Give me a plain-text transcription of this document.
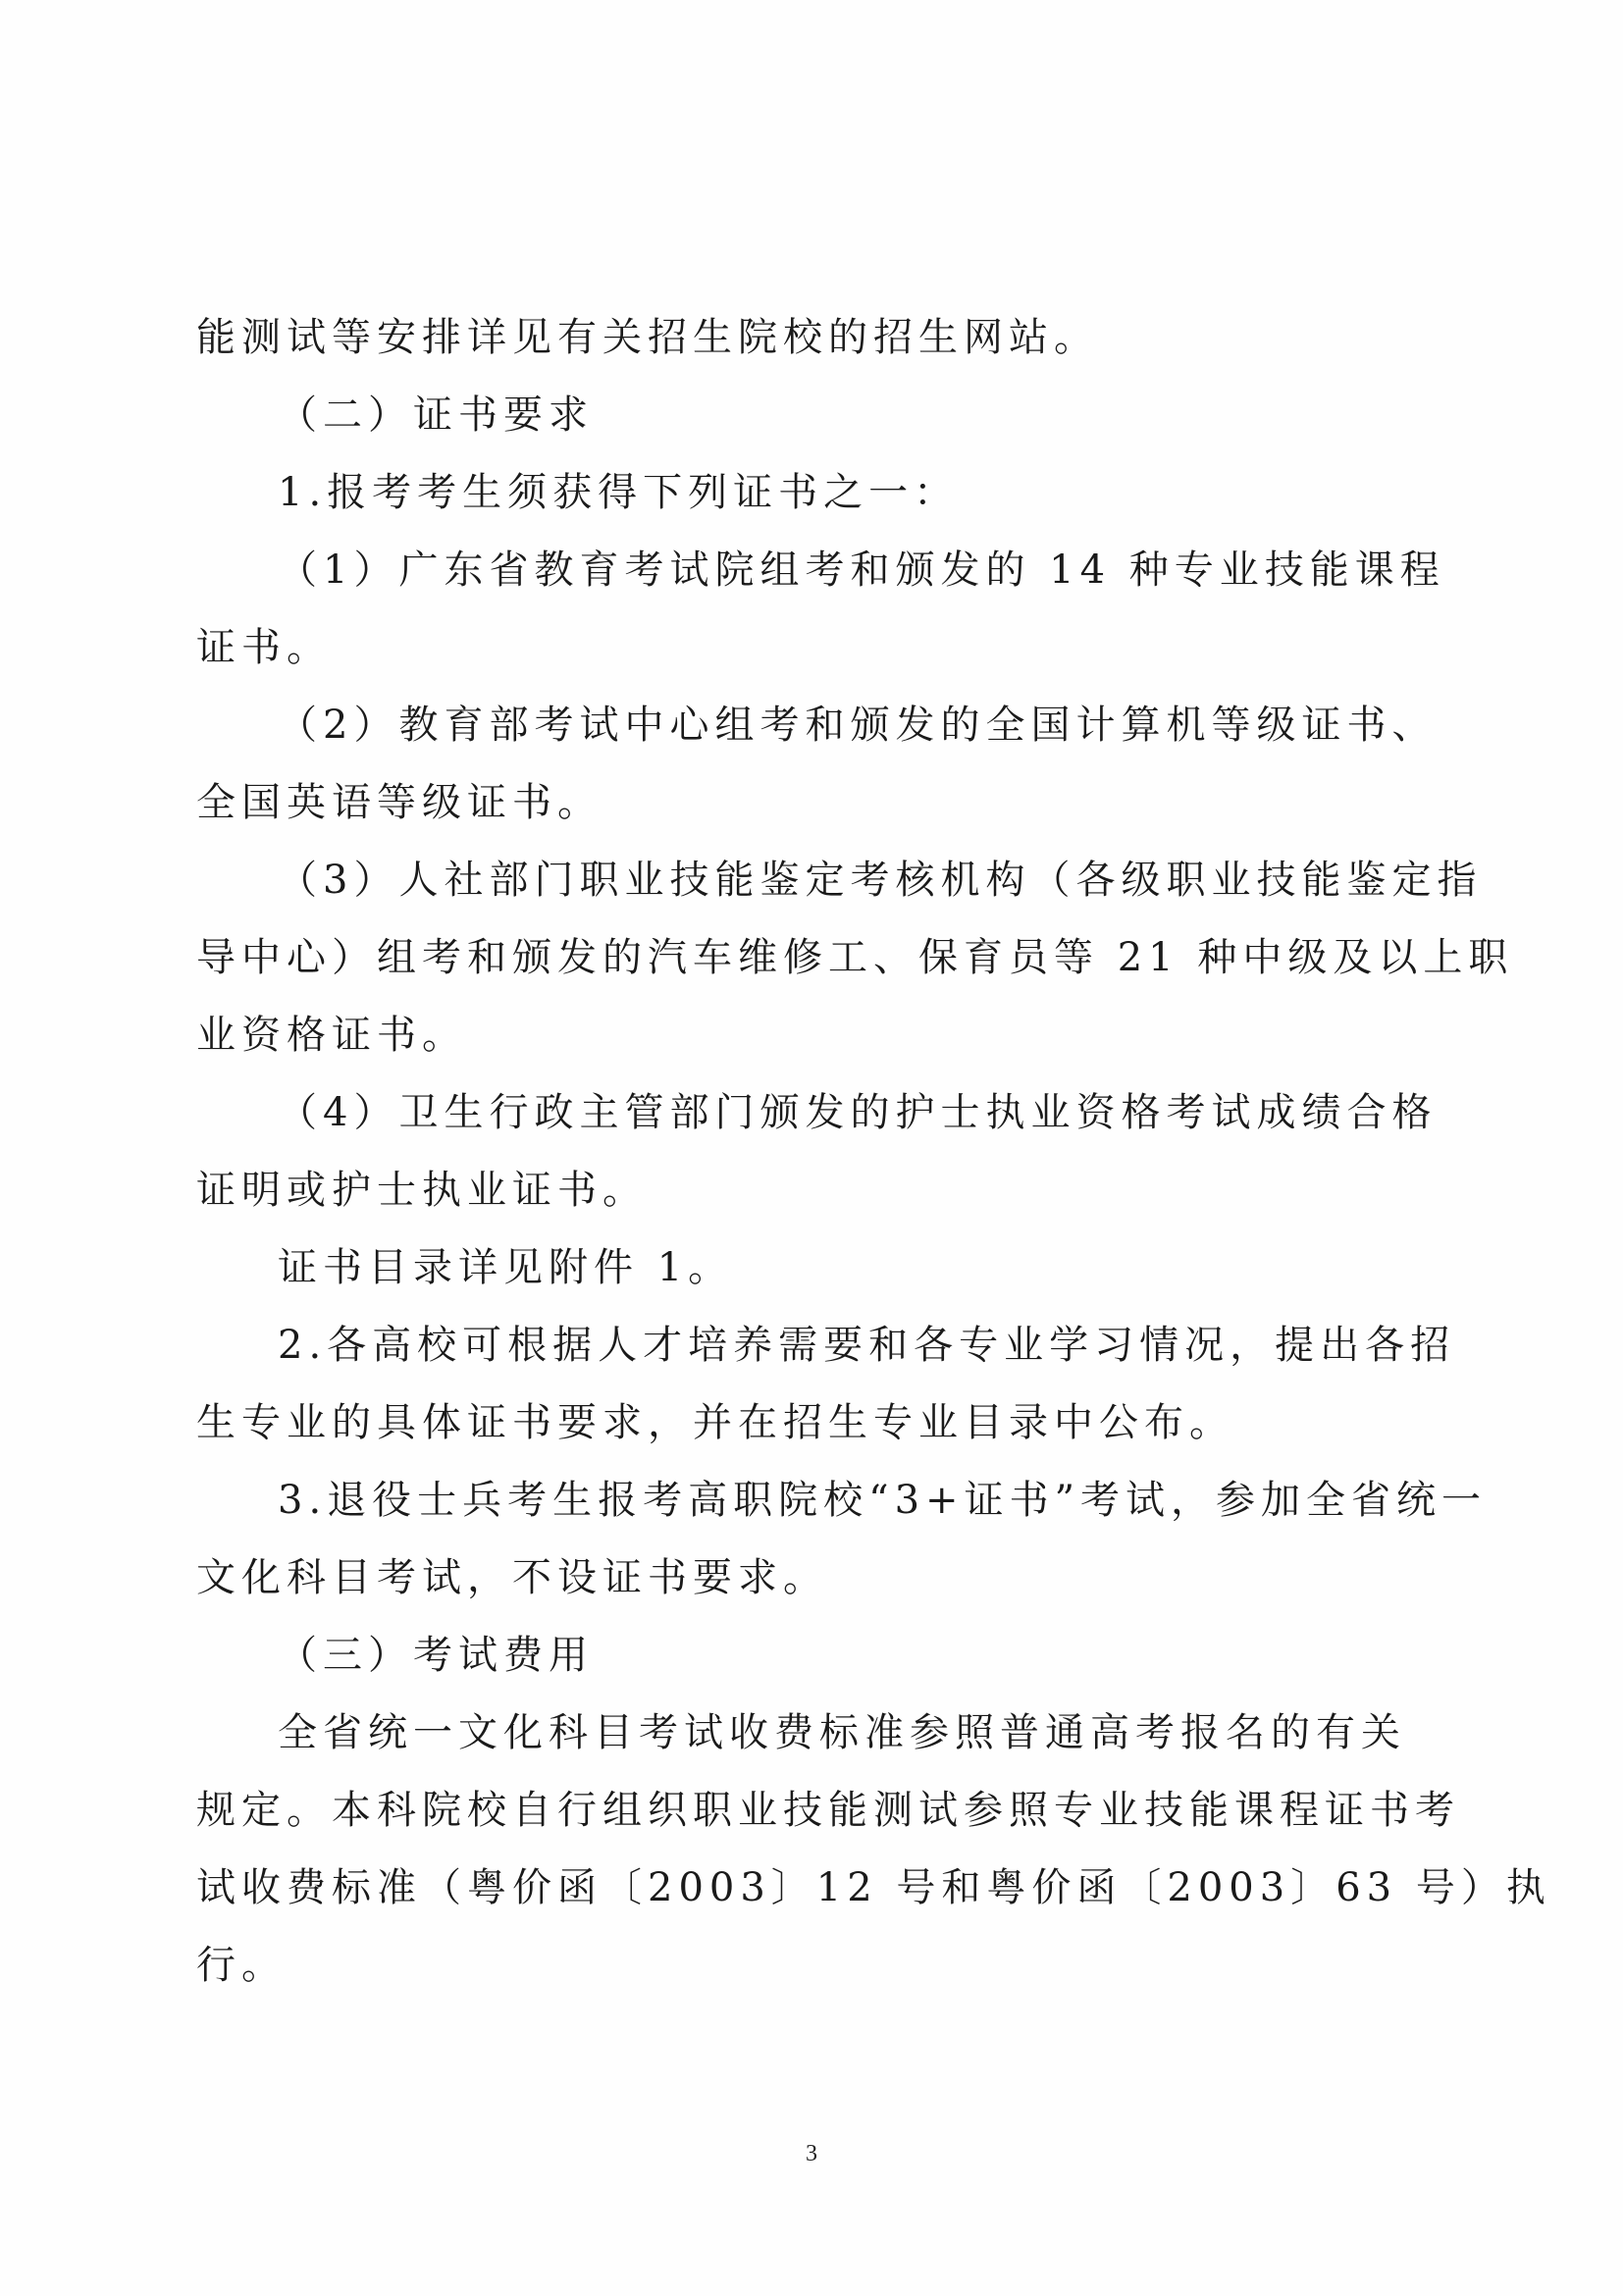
能测试等安排详见有关招生院校的招生网站。
（二）证书要求
1.报考考生须获得下列证书之一：
（1）广东省教育考试院组考和颁发的 14 种专业技能课程
证书。
（2）教育部考试中心组考和颁发的全国计算机等级证书、
全国英语等级证书。
（3）人社部门职业技能鉴定考核机构（各级职业技能鉴定指
导中心）组考和颁发的汽车维修工、保育员等 21 种中级及以上职
业资格证书。
（4）卫生行政主管部门颁发的护士执业资格考试成绩合格
证明或护士执业证书。
证书目录详见附件 1。
2.各高校可根据人才培养需要和各专业学习情况，提出各招
生专业的具体证书要求，并在招生专业目录中公布。
3.退役士兵考生报考高职院校“3+证书”考试，参加全省统一
文化科目考试，不设证书要求。
（三）考试费用
全省统一文化科目考试收费标准参照普通高考报名的有关
规定。本科院校自行组织职业技能测试参照专业技能课程证书考
试收费标准（粤价函〔2003〕12 号和粤价函〔2003〕63 号）执
行。
3
